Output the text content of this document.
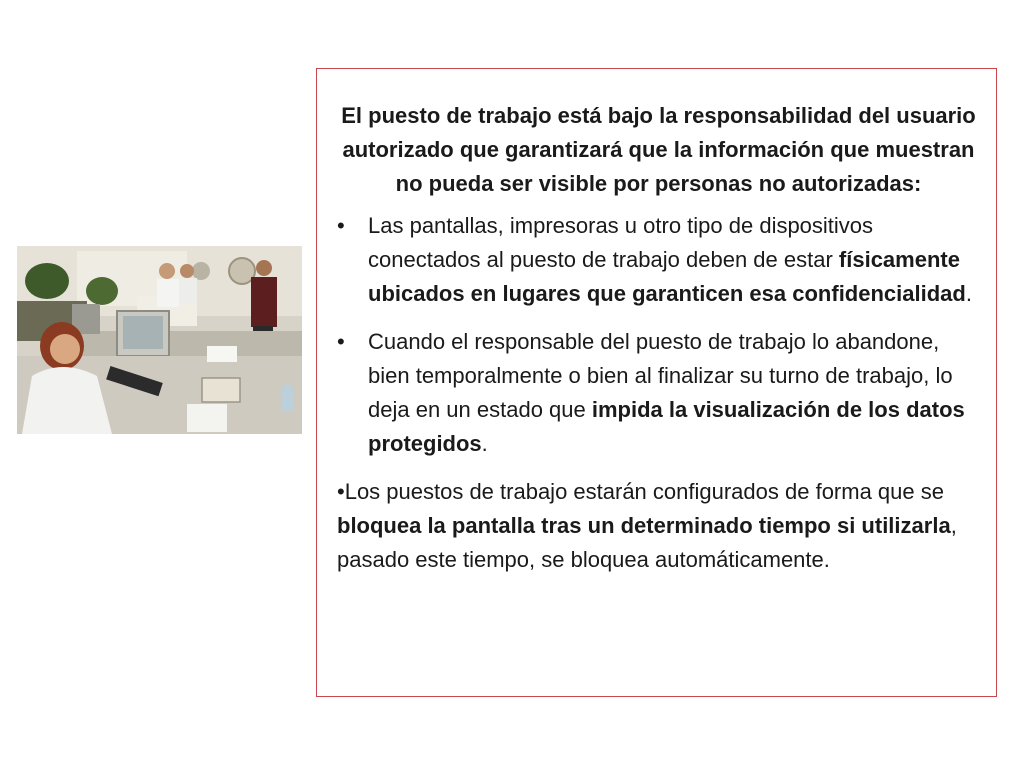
El puesto de trabajo está bajo la responsabilidad del usuario autorizado que garantizará que la información que muestran no pueda ser visible por personas no autorizadas:

• Las pantallas, impresoras u otro tipo de dispositivos conectados al puesto de trabajo deben de estar físicamente ubicados en lugares que garanticen esa confidencialidad.
• Cuando el responsable del puesto de trabajo lo abandone, bien temporalmente o bien al finalizar su turno de trabajo, lo deja en un estado que impida la visualización de los datos protegidos.

•Los puestos de trabajo estarán configurados de forma que se bloquea la pantalla tras un determinado tiempo si utilizarla, pasado este tiempo, se bloquea automáticamente.
